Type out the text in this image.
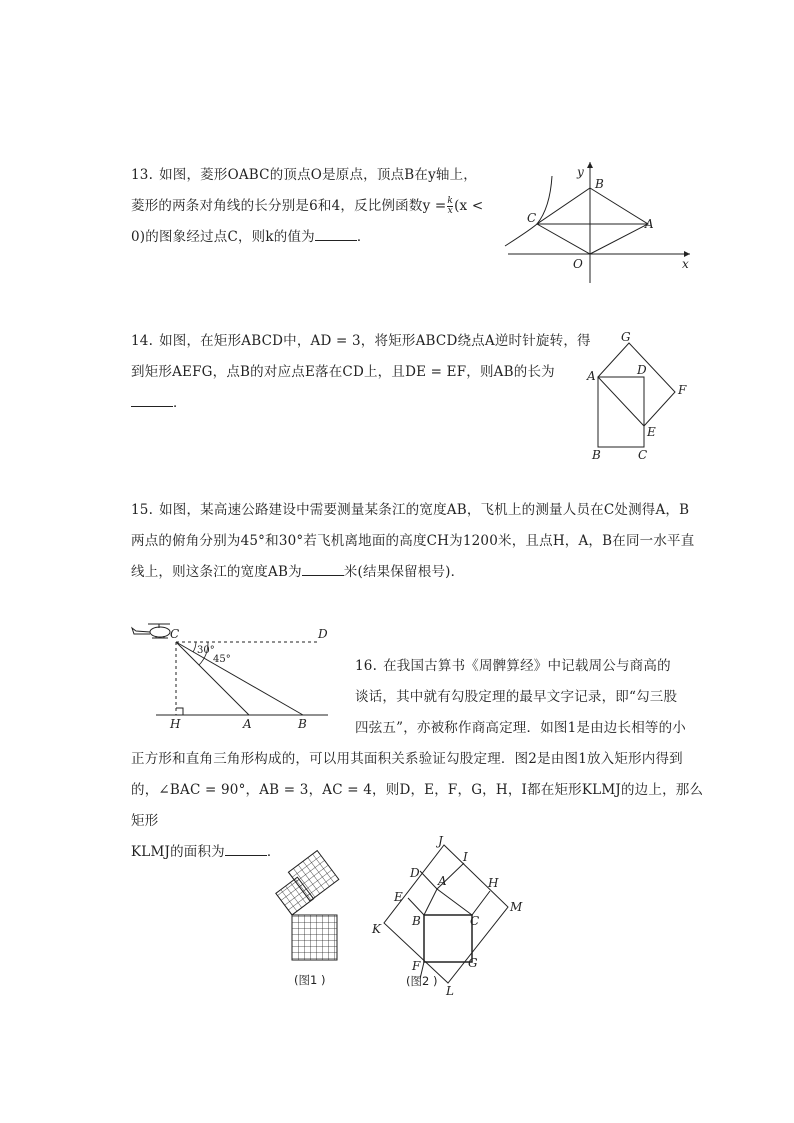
13. 如图，菱形OABC的顶点O是原点，顶点B在y轴上，
菱形的两条对角线的长分别是6和4，反比例函数$y = \frac{k}{x} (x$ <
0)的图象经过点C，则k的值为	．
y
B
C	A
O	x
14. 如图，在矩形ABCD中，AD = 3，将矩形ABCD绕点A逆时针旋转，得
到矩形AEFG，点B的对应点E落在CD上，且DE = EF，则AB的长为．
G
A	D
F
E
B	C
15. 如图，某高速公路建设中需要测量某条江的宽度AB，飞机上的测量人员在C处测得A，B
两点的俯角分别为45°和30°若飞机离地面的高度CH为1200米，且点H，A，B在同一水平直
线上，则这条江的宽度AB为	米(结果保留根号)．
C	D
30°
45°
H	A	B
16. 在我国古算书《周髀算经》中记载周公与商高的
谈话，其中就有勾股定理的最早文字记录，即“勾三股
四弦五”，亦被称作商高定理．如图1是由边长相等的小
正方形和直角三角形构成的，可以用其面积关系验证勾股定理．图2是由图1放入矩形内得到
的，∠BAC = 90°，AB = 3，AC = 4，则D，E，F，G，H，I都在矩形KLMJ的边上，那么矩形
KLMJ的面积为	．
(图1 )
J
I
D
A	H
E
M
B	C
K
F	G
L
(图2 )
